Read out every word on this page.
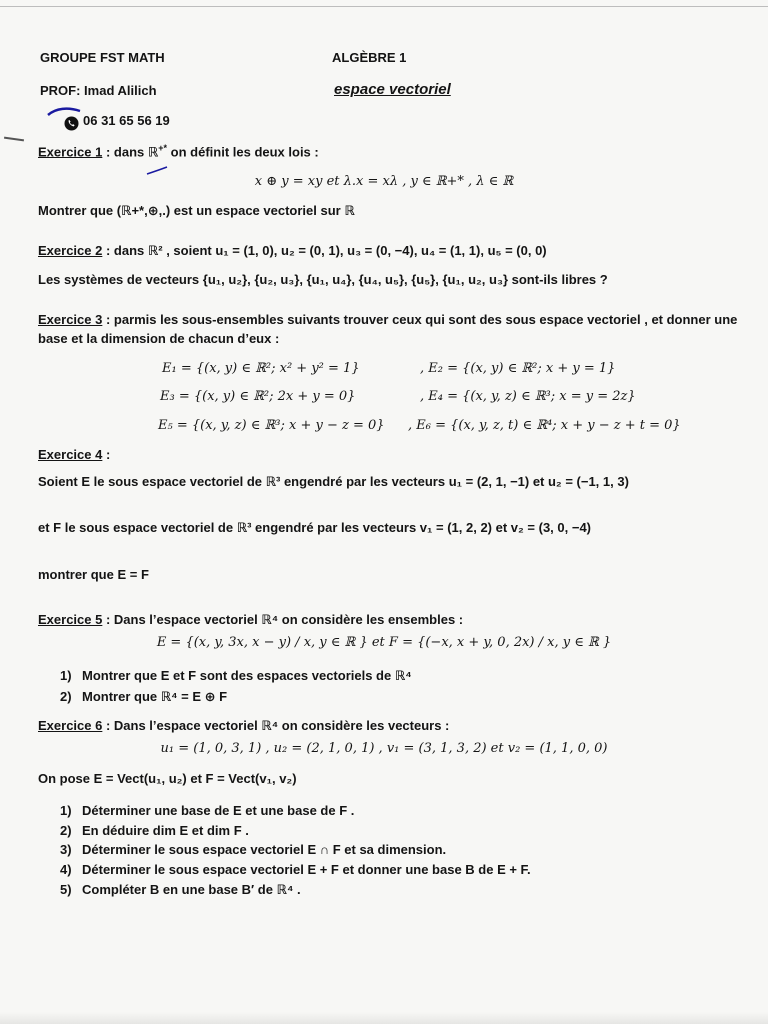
GROUPE FST MATH	ALGÈBRE 1
PROF: Imad Alilich	espace vectoriel
06 31 65 56 19
Exercice 1 : dans ℝ+* on définit les deux lois :
x ⊕ y = xy et λ.x = xλ , y ∈ ℝ+* , λ ∈ ℝ
Montrer que (ℝ+*,⊕,.) est un espace vectoriel sur ℝ
Exercice 2 : dans ℝ² , soient u₁ = (1, 0), u₂ = (0, 1), u₃ = (0, −4), u₄ = (1, 1), u₅ = (0, 0)
Les systèmes de vecteurs {u₁, u₂}, {u₂, u₃}, {u₁, u₄}, {u₄, u₅}, {u₅}, {u₁, u₂, u₃} sont-ils libres ?
Exercice 3 : parmis les sous-ensembles suivants trouver ceux qui sont des sous espace vectoriel , et donner une
base et la dimension de chacun d’eux :
E₁ = {(x, y) ∈ ℝ²; x² + y² = 1}	, E₂ = {(x, y) ∈ ℝ²; x + y = 1}
E₃ = {(x, y) ∈ ℝ²; 2x + y = 0}	, E₄ = {(x, y, z) ∈ ℝ³; x = y = 2z}
E₅ = {(x, y, z) ∈ ℝ³; x + y − z = 0} , E₆ = {(x, y, z, t) ∈ ℝ⁴; x + y − z + t = 0}
Exercice 4 :
Soient E le sous espace vectoriel de ℝ³ engendré par les vecteurs u₁ = (2, 1, −1) et u₂ = (−1, 1, 3)
et F le sous espace vectoriel de ℝ³ engendré par les vecteurs v₁ = (1, 2, 2) et v₂ = (3, 0, −4)
montrer que E = F
Exercice 5 : Dans l’espace vectoriel ℝ⁴ on considère les ensembles :
E = {(x, y, 3x, x − y) / x, y ∈ ℝ } et F = {(−x, x + y, 0, 2x) / x, y ∈ ℝ }
1) Montrer que E et F sont des espaces vectoriels de ℝ⁴
2) Montrer que ℝ⁴ = E ⊕ F
Exercice 6 : Dans l’espace vectoriel ℝ⁴ on considère les vecteurs :
u₁ = (1, 0, 3, 1) , u₂ = (2, 1, 0, 1) , v₁ = (3, 1, 3, 2) et v₂ = (1, 1, 0, 0)
On pose E = Vect(u₁, u₂) et F = Vect(v₁, v₂)
1) Déterminer une base de E et une base de F .
2) En déduire dim E et dim F .
3) Déterminer le sous espace vectoriel E ∩ F et sa dimension.
4) Déterminer le sous espace vectoriel E + F et donner une base B de E + F.
5) Compléter B en une base B′ de ℝ⁴ .
